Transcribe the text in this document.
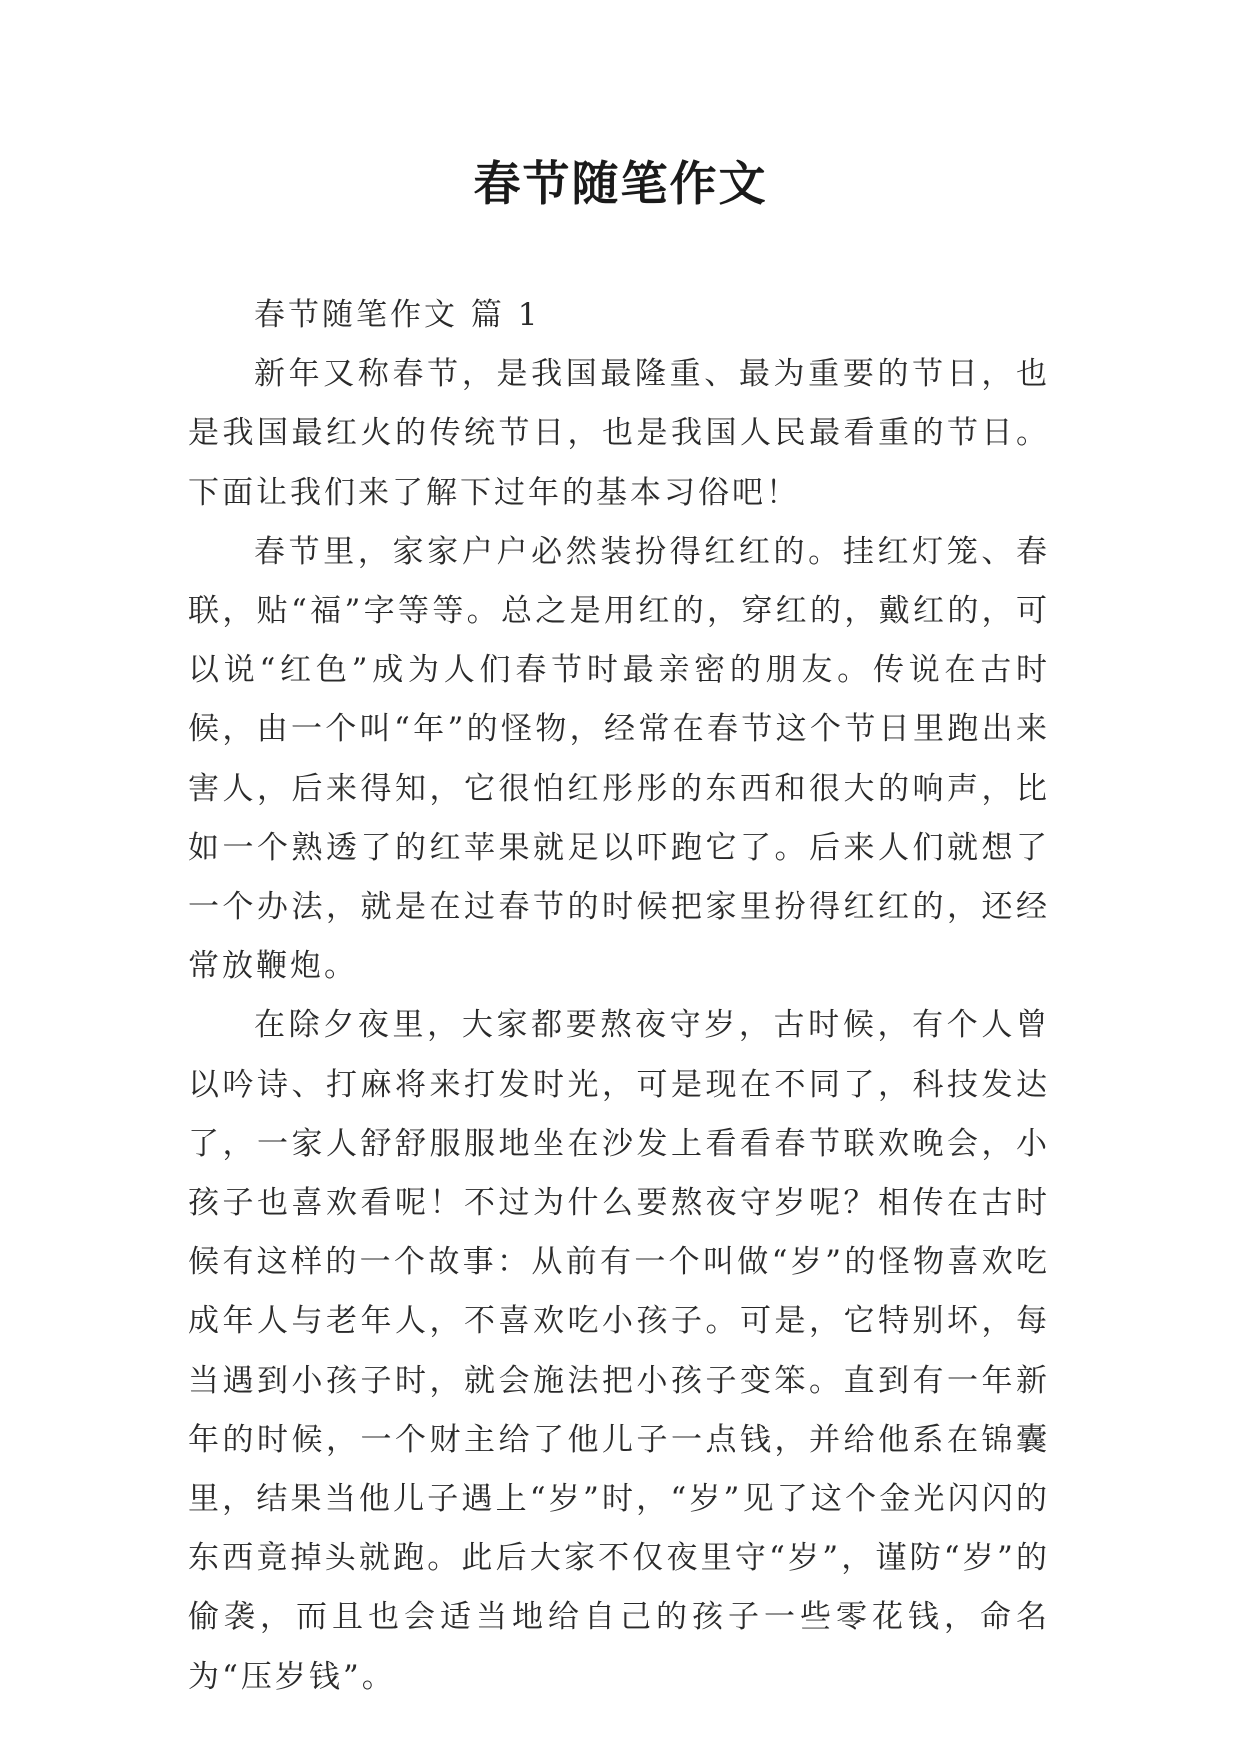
春节随笔作文
春节随笔作文 篇 1

新年又称春节，是我国最隆重、最为重要的节日，也是我国最红火的传统节日，也是我国人民最看重的节日。下面让我们来了解下过年的基本习俗吧！

春节里，家家户户必然装扮得红红的。挂红灯笼、春联，贴“福”字等等。总之是用红的，穿红的，戴红的，可以说“红色”成为人们春节时最亲密的朋友。传说在古时候，由一个叫“年”的怪物，经常在春节这个节日里跑出来害人，后来得知，它很怕红彤彤的东西和很大的响声，比如一个熟透了的红苹果就足以吓跑它了。后来人们就想了一个办法，就是在过春节的时候把家里扮得红红的，还经常放鞭炮。

在除夕夜里，大家都要熬夜守岁，古时候，有个人曾以吟诗、打麻将来打发时光，可是现在不同了，科技发达了，一家人舒舒服服地坐在沙发上看看春节联欢晚会，小孩子也喜欢看呢！不过为什么要熬夜守岁呢？相传在古时候有这样的一个故事：从前有一个叫做“岁”的怪物喜欢吃成年人与老年人，不喜欢吃小孩子。可是，它特别坏，每当遇到小孩子时，就会施法把小孩子变笨。直到有一年新年的时候，一个财主给了他儿子一点钱，并给他系在锦囊里，结果当他儿子遇上“岁”时，“岁”见了这个金光闪闪的东西竟掉头就跑。此后大家不仅夜里守“岁”，谨防“岁”的偷袭，而且也会适当地给自己的孩子一些零花钱，命名为“压岁钱”。
